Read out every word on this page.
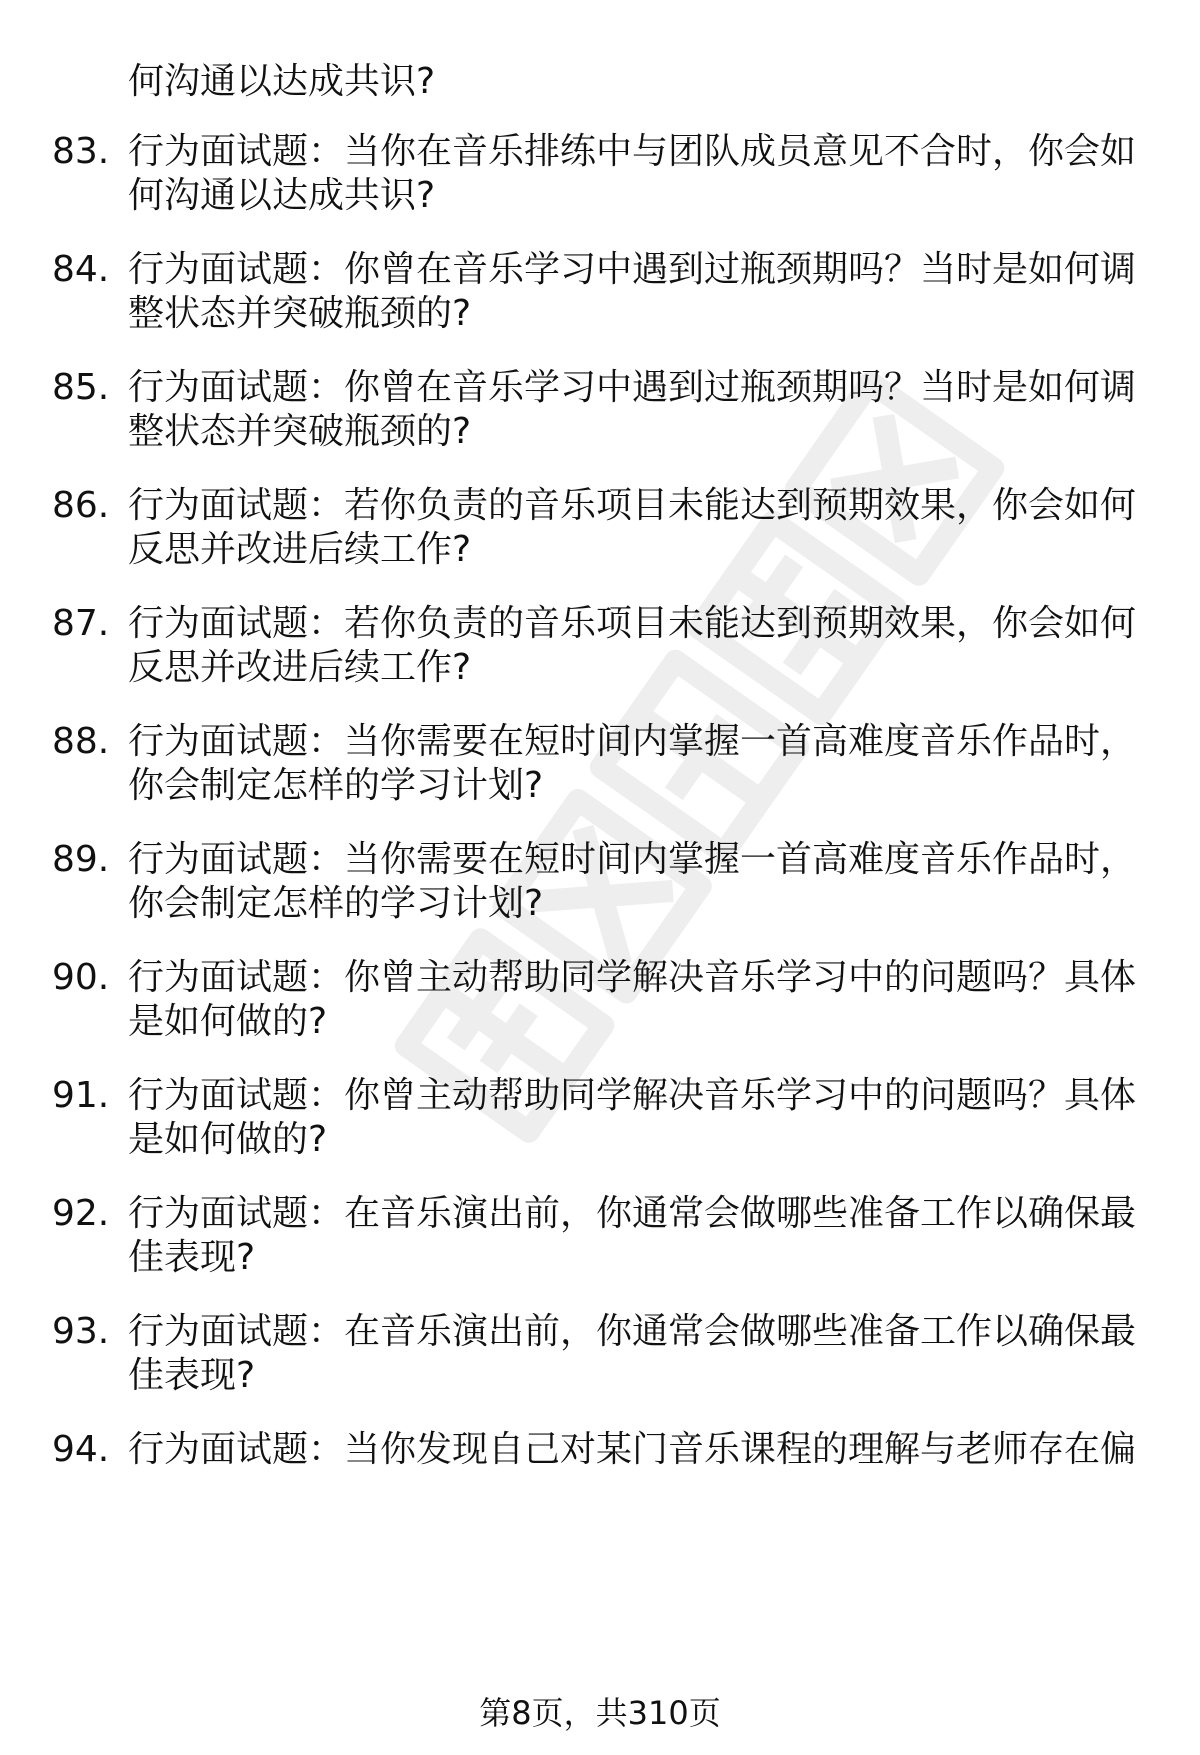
何沟通以达成共识?
83. 行为面试题：当你在音乐排练中与团队成员意见不合时，你会如
何沟通以达成共识?
84. 行为面试题：你曾在音乐学习中遇到过瓶颈期吗？当时是如何调
整状态并突破瓶颈的?
85. 行为面试题：你曾在音乐学习中遇到过瓶颈期吗？当时是如何调
整状态并突破瓶颈的?
86. 行为面试题：若你负责的音乐项目未能达到预期效果，你会如何
反思并改进后续工作?
87. 行为面试题：若你负责的音乐项目未能达到预期效果，你会如何
反思并改进后续工作?
88. 行为面试题：当你需要在短时间内掌握一首高难度音乐作品时，
你会制定怎样的学习计划?
89. 行为面试题：当你需要在短时间内掌握一首高难度音乐作品时，
你会制定怎样的学习计划?
90. 行为面试题：你曾主动帮助同学解决音乐学习中的问题吗？具体
是如何做的?
91. 行为面试题：你曾主动帮助同学解决音乐学习中的问题吗？具体
是如何做的?
92. 行为面试题：在音乐演出前，你通常会做哪些准备工作以确保最
佳表现?
93. 行为面试题：在音乐演出前，你通常会做哪些准备工作以确保最
佳表现?
94. 行为面试题：当你发现自己对某门音乐课程的理解与老师存在偏
第8页，共310页
